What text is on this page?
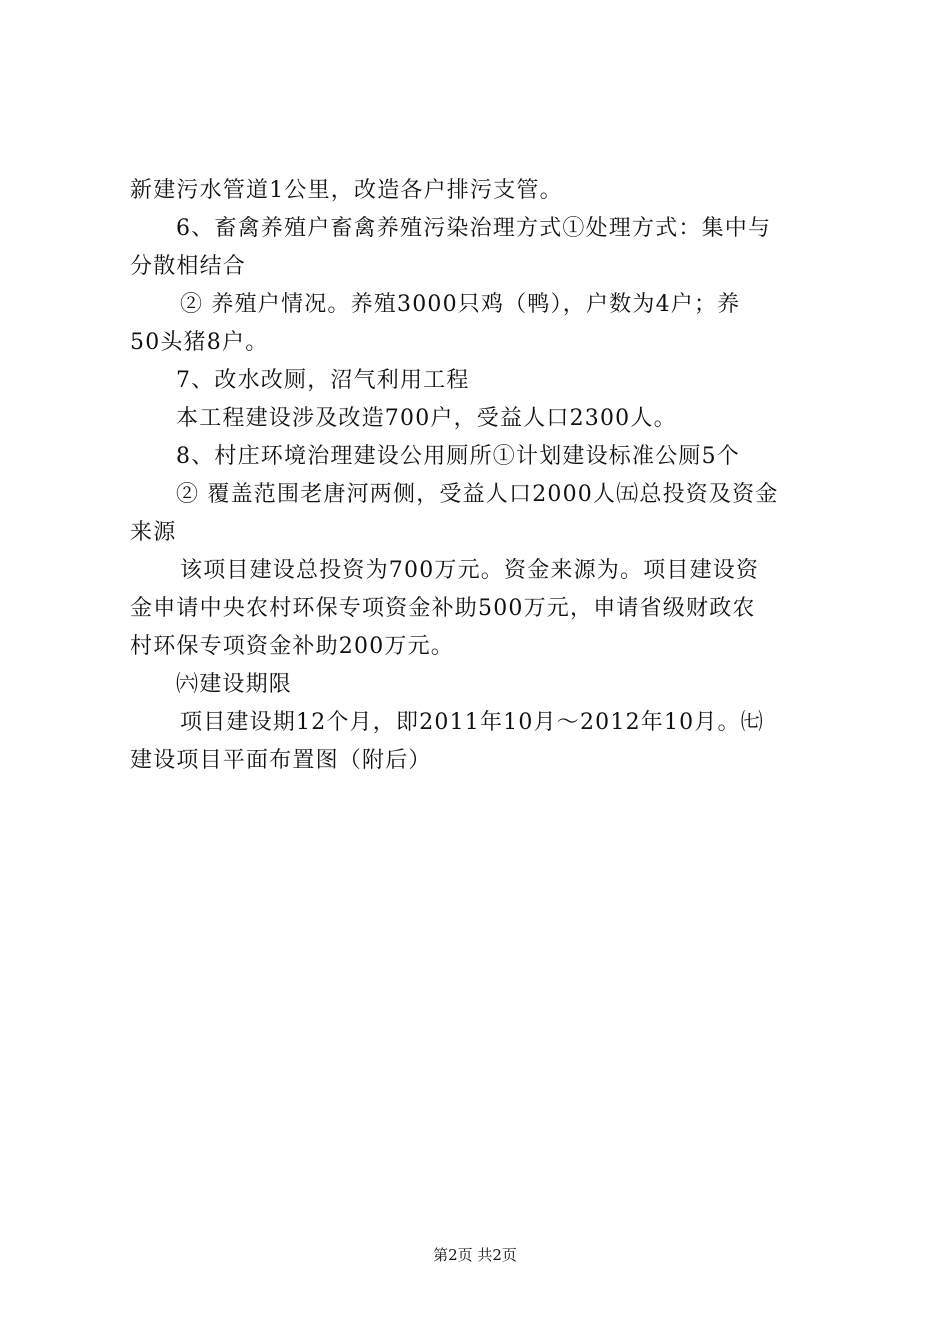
新建污水管道1公里，改造各户排污支管。
6、畜禽养殖户畜禽养殖污染治理方式①处理方式：集中与
分散相结合
② 养殖户情况。养殖3000只鸡（鸭），户数为4户；养
50头猪8户。
7、改水改厕，沼气利用工程
本工程建设涉及改造700户，受益人口2300人。
8、村庄环境治理建设公用厕所①计划建设标准公厕5个
② 覆盖范围老唐河两侧，受益人口2000人㈤总投资及资金
来源
该项目建设总投资为700万元。资金来源为。项目建设资
金申请中央农村环保专项资金补助500万元，申请省级财政农
村环保专项资金补助200万元。
㈥建设期限
项目建设期12个月，即2011年10月～2012年10月。㈦
建设项目平面布置图（附后）
第2页 共2页
